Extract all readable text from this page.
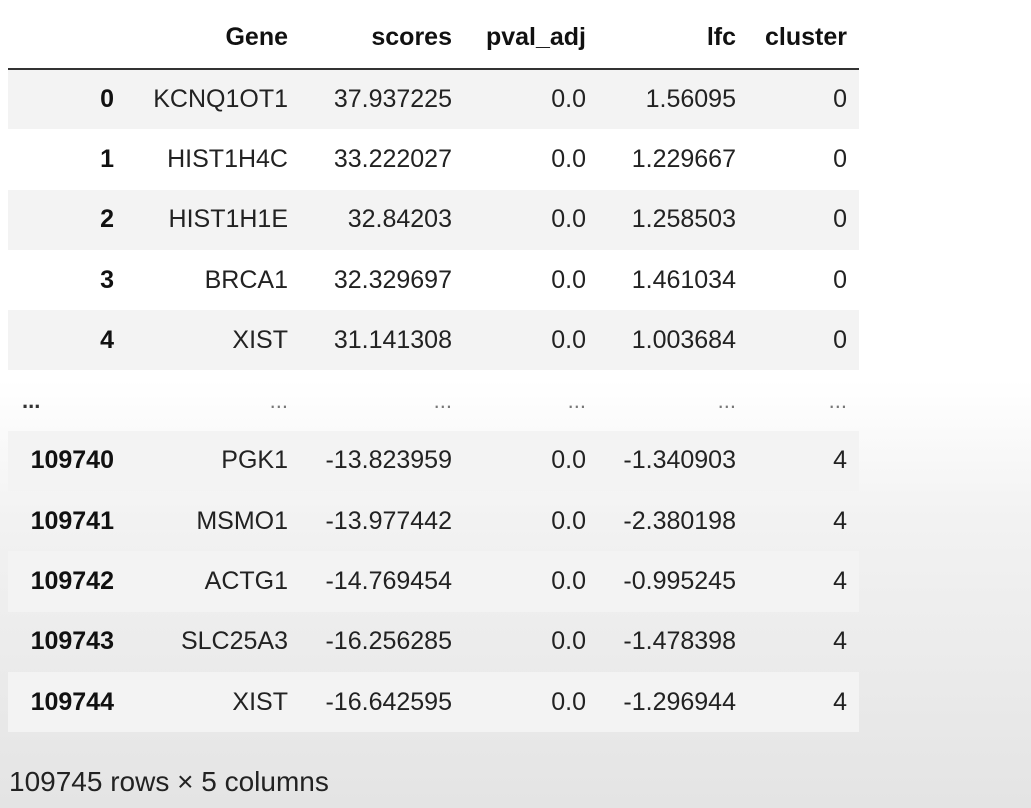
	Gene	scores	pval_adj	lfc	cluster
0	KCNQ1OT1	37.937225	0.0	1.56095	0
1	HIST1H4C	33.222027	0.0	1.229667	0
2	HIST1H1E	32.84203	0.0	1.258503	0
3	BRCA1	32.329697	0.0	1.461034	0
4	XIST	31.141308	0.0	1.003684	0
...	...	...	...	...	...
109740	PGK1	-13.823959	0.0	-1.340903	4
109741	MSMO1	-13.977442	0.0	-2.380198	4
109742	ACTG1	-14.769454	0.0	-0.995245	4
109743	SLC25A3	-16.256285	0.0	-1.478398	4
109744	XIST	-16.642595	0.0	-1.296944	4
109745 rows × 5 columns
